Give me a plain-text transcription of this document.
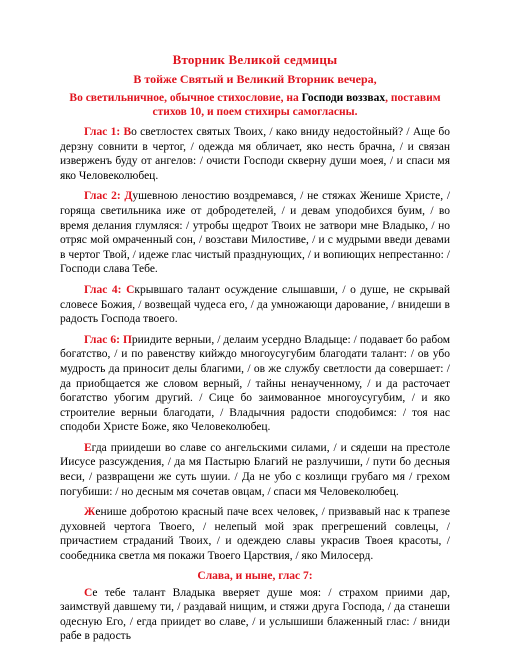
Вторник Великой седмицы
В тойже Святый и Великий Вторник вечера,
Во светильничное, обычное стихословие, на Господи воззвах, поставим
стихов 10, и поем стихиры самогласны.

Глас 1: Во светлостех святых Твоих, / како вниду недостойный? / Аще бо дерзну совнити в чертог, / одежда мя обличает, яко несть брачна, / и связан изверженъ буду от ангелов: / очисти Господи скверну души моея, / и спаси мя яко Человеколюбец.

Глас 2: Душевною леностию воздремався, / не стяжах Женише Христе, / горяща светильника иже от добродетелей, / и девам уподобихся буим, / во время делания глумляся: / утробы щедрот Твоих не затвори мне Владыко, / но отряс мой омраченный сон, / возстави Милостиве, / и с мудрыми введи девами в чертог Твой, / идеже глас чистый празднующих, / и вопиющих непрестанно: / Господи слава Тебе.

Глас 4: Скрывшаго талант осуждение слышавши, / о душе, не скрывай словесе Божия, / возвещай чудеса его, / да умножающи дарование, / внидеши в радость Господа твоего.

Глас 6: Приидите верныи, / делаим усердно Владыце: / подавает бо рабом богатство, / и по равенству кийждо многоусугубим благодати талант: / ов убо мудрость да приносит делы благими, / ов же службу светлости да совершает: / да приобщается же словом верный, / тайны ненаученному, / и да расточает богатство убогим другий. / Сице бо заимованное многоусугубим, / и яко строителие верныи благодати, / Владычния радости сподобимся: / тоя нас сподоби Христе Боже, яко Человеколюбец.

Егда приидеши во славе со ангельскими силами, / и сядеши на престоле Иисусе разсуждения, / да мя Пастырю Благий не разлучиши, / пути бо десныя веси, / развращени же суть шуии. / Да не убо с козлищи грубаго мя / грехом погубиши: / но десным мя сочетав овцам, / спаси мя Человеколюбец.

Женише добротою красный паче всех человек, / призвавый нас к трапезе духовней чертога Твоего, / нелепый мой зрак прегрешений совлецы, / причастием страданий Твоих, / и одеждею славы украсив Твоея красоты, / сообедника светла мя покажи Твоего Царствия, / яко Милосерд.

Слава, и ныне, глас 7:

Се тебе талант Владыка вверяет душе моя: / страхом приими дар, заимствуй давшему ти, / раздавай нищим, и стяжи друга Господа, / да станеши одесную Его, / егда приидет во славе, / и услышиши блаженный глас: / вниди рабе в радость
